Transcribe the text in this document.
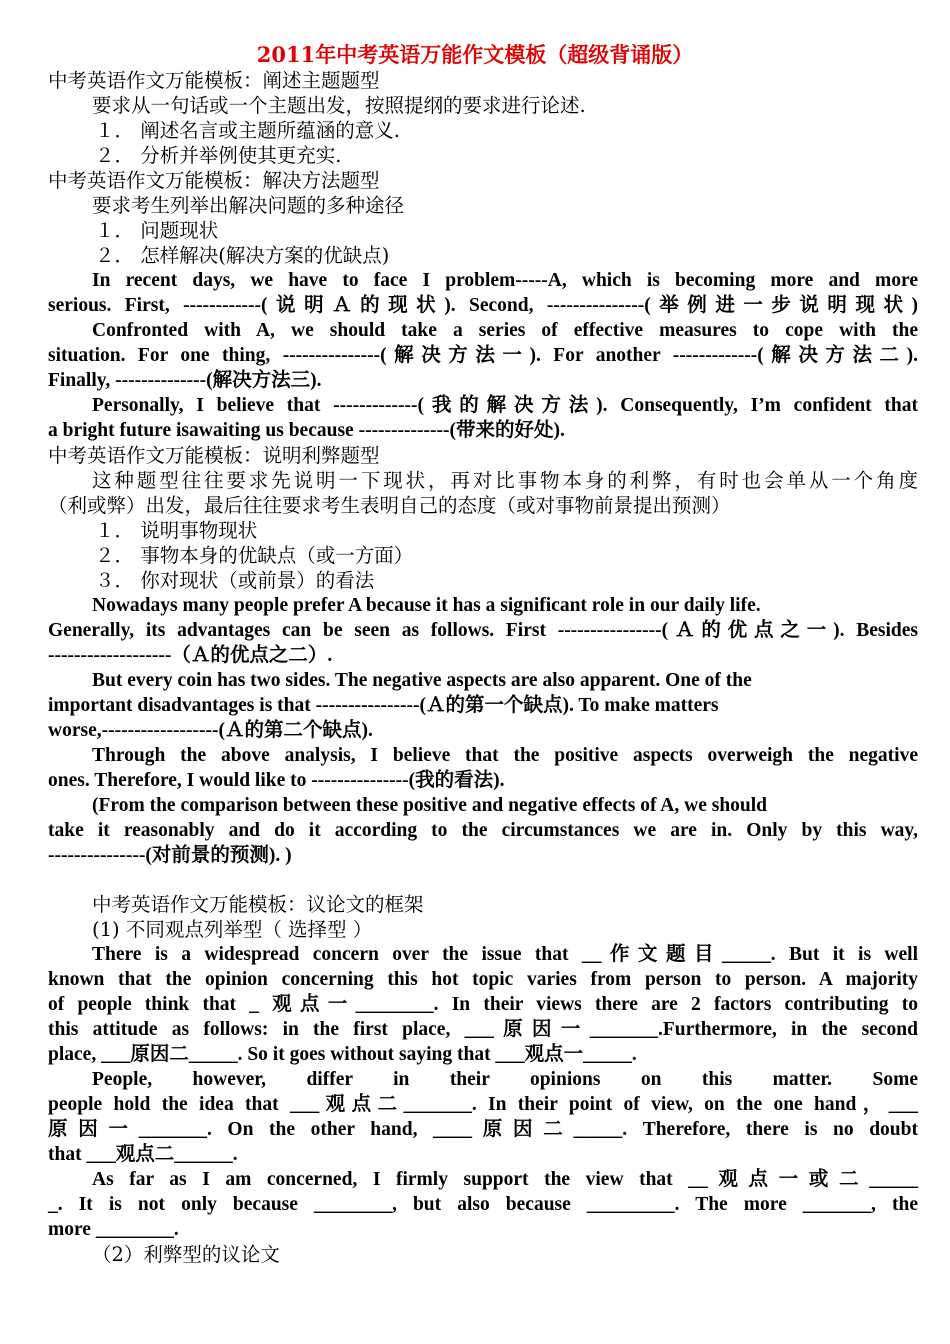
2011年中考英语万能作文模板（超级背诵版）
中考英语作文万能模板：阐述主题题型
要求从一句话或一个主题出发，按照提纲的要求进行论述.
１． 阐述名言或主题所蕴涵的意义.
２． 分析并举例使其更充实.
中考英语作文万能模板：解决方法题型
要求考生列举出解决问题的多种途径
１． 问题现状
２． 怎样解决(解决方案的优缺点)
In recent days, we have to face I problem-----A, which is becoming more and more
serious. First, ------------(说明Ａ的现状). Second, ---------------(举例进一步说明现状)
Confronted with A, we should take a series of effective measures to cope with the
situation. For one thing, ---------------(解决方法一). For another -------------(解决方法二).
Finally, --------------(解决方法三).
Personally, I believe that -------------(我的解决方法). Consequently, I’m confident that
a bright future isawaiting us because --------------(带来的好处).
中考英语作文万能模板：说明利弊题型
这种题型往往要求先说明一下现状，再对比事物本身的利弊，有时也会单从一个角度
（利或弊）出发，最后往往要求考生表明自己的态度（或对事物前景提出预测）
１． 说明事物现状
２． 事物本身的优缺点（或一方面）
３． 你对现状（或前景）的看法
Nowadays many people prefer A because it has a significant role in our daily life.
Generally, its advantages can be seen as follows. First ----------------(Ａ的优点之一). Besides
-------------------（Ａ的优点之二）.
But every coin has two sides. The negative aspects are also apparent. One of the
important disadvantages is that ----------------(Ａ的第一个缺点). To make matters
worse,------------------(Ａ的第二个缺点).
Through the above analysis, I believe that the positive aspects overweigh the negative
ones. Therefore, I would like to ---------------(我的看法).
(From the comparison between these positive and negative effects of A, we should
take it reasonably and do it according to the circumstances we are in. Only by this way,
---------------(对前景的预测). )
中考英语作文万能模板：议论文的框架
(1) 不同观点列举型（ 选择型 ）
There is a widespread concern over the issue that __作文题目_____. But it is well
known that the opinion concerning this hot topic varies from person to person. A majority
of people think that _ 观点一________. In their views there are 2 factors contributing to
this attitude as follows: in the first place, ___原因一_______.Furthermore, in the second
place, ___原因二_____. So it goes without saying that ___观点一_____.
People, however, differ in their opinions on this matter. Some
people hold the idea that ___观点二_______. In their point of view, on the one hand，___
原因一_______. On the other hand, ____原因二_____. Therefore, there is no doubt
that ___观点二______.
As far as I am concerned, I firmly support the view that __观点一或二_____
_. It is not only because ________, but also because _________. The more _______, the
more ________.
（2）利弊型的议论文
